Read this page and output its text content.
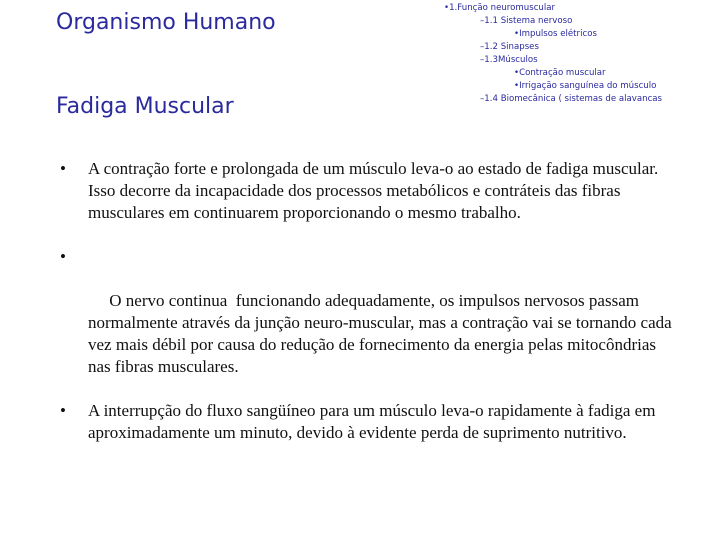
Organismo Humano
Fadiga Muscular
•1.Função neuromuscular
–1.1 Sistema nervoso
•Impulsos elétricos
–1.2 Sinapses
–1.3Músculos
•Contração muscular
•Irrigação sanguínea do músculo
–1.4 Biomecânica ( sistemas de alavancas
• A contração forte e prolongada de um músculo leva-o ao estado de fadiga muscular. Isso decorre da incapacidade dos processos metabólicos e contráteis das fibras musculares em continuarem proporcionando o mesmo trabalho.

•

O nervo continua  funcionando adequadamente, os impulsos nervosos passam normalmente através da junção neuro-muscular, mas a contração vai se tornando cada vez mais débil por causa do redução de fornecimento da energia pelas mitocôndrias nas fibras musculares.

• A interrupção do fluxo sangüíneo para um músculo leva-o rapidamente à fadiga em aproximadamente um minuto, devido à evidente perda de suprimento nutritivo.
